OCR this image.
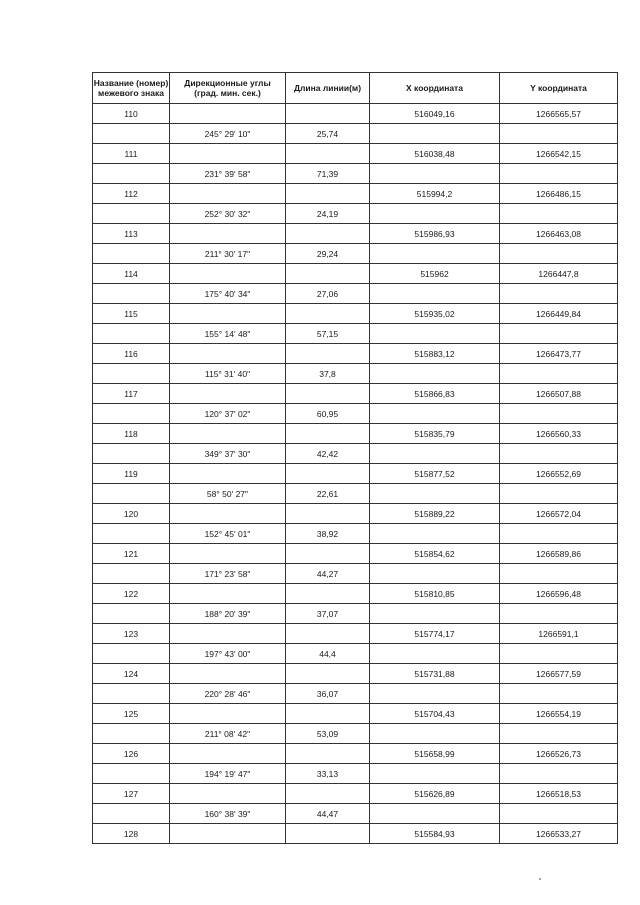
Название (номер)
межевого знака	Дирекционные углы
(град. мин. сек.)	Длина линии(м)	X координата	Y координата
110			516049,16	1266565,57
	245° 29' 10"	25,74		
111			516038,48	1266542,15
	231° 39' 58"	71,39		
112			515994,2	1266486,15
	252° 30' 32"	24,19		
113			515986,93	1266463,08
	211° 30' 17"	29,24		
114			515962	1266447,8
	175° 40' 34"	27,06		
115			515935,02	1266449,84
	155° 14' 48"	57,15		
116			515883,12	1266473,77
	115° 31' 40"	37,8		
117			515866,83	1266507,88
	120° 37' 02"	60,95		
118			515835,79	1266560,33
	349° 37' 30"	42,42		
119			515877,52	1266552,69
	58° 50' 27"	22,61		
120			515889,22	1266572,04
	152° 45' 01"	38,92		
121			515854,62	1266589,86
	171° 23' 58"	44,27		
122			515810,85	1266596,48
	188° 20' 39"	37,07		
123			515774,17	1266591,1
	197° 43' 00"	44,4		
124			515731,88	1266577,59
	220° 28' 46"	36,07		
125			515704,43	1266554,19
	211° 08' 42"	53,09		
126			515658,99	1266526,73
	194° 19' 47"	33,13		
127			515626,89	1266518,53
	160° 38' 39"	44,47		
128			515584,93	1266533,27
